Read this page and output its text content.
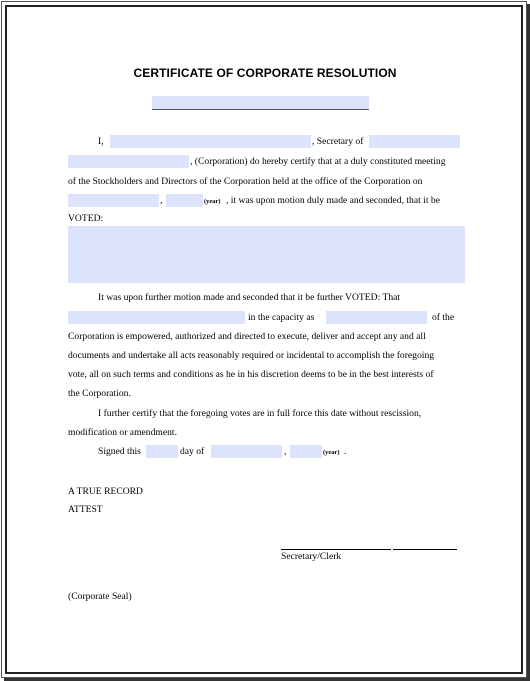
CERTIFICATE OF CORPORATE RESOLUTION
I,	, Secretary of
, (Corporation) do hereby certify that at a duly constituted meeting
of the Stockholders and Directors of the Corporation held at the office of the Corporation on
,	(year) , it was upon motion duly made and seconded, that it be
VOTED:
It was upon further motion made and seconded that it be further VOTED: That
in the capacity as	of the
Corporation is empowered, authorized and directed to execute, deliver and accept any and all
documents and undertake all acts reasonably required or incidental to accomplish the foregoing
vote, all on such terms and conditions as he in his discretion deems to be in the best interests of
the Corporation.
I further certify that the foregoing votes are in full force this date without rescission,
modification or amendment.
Signed this	day of	,	(year) .
A TRUE RECORD
ATTEST
Secretary/Clerk
(Corporate Seal)
